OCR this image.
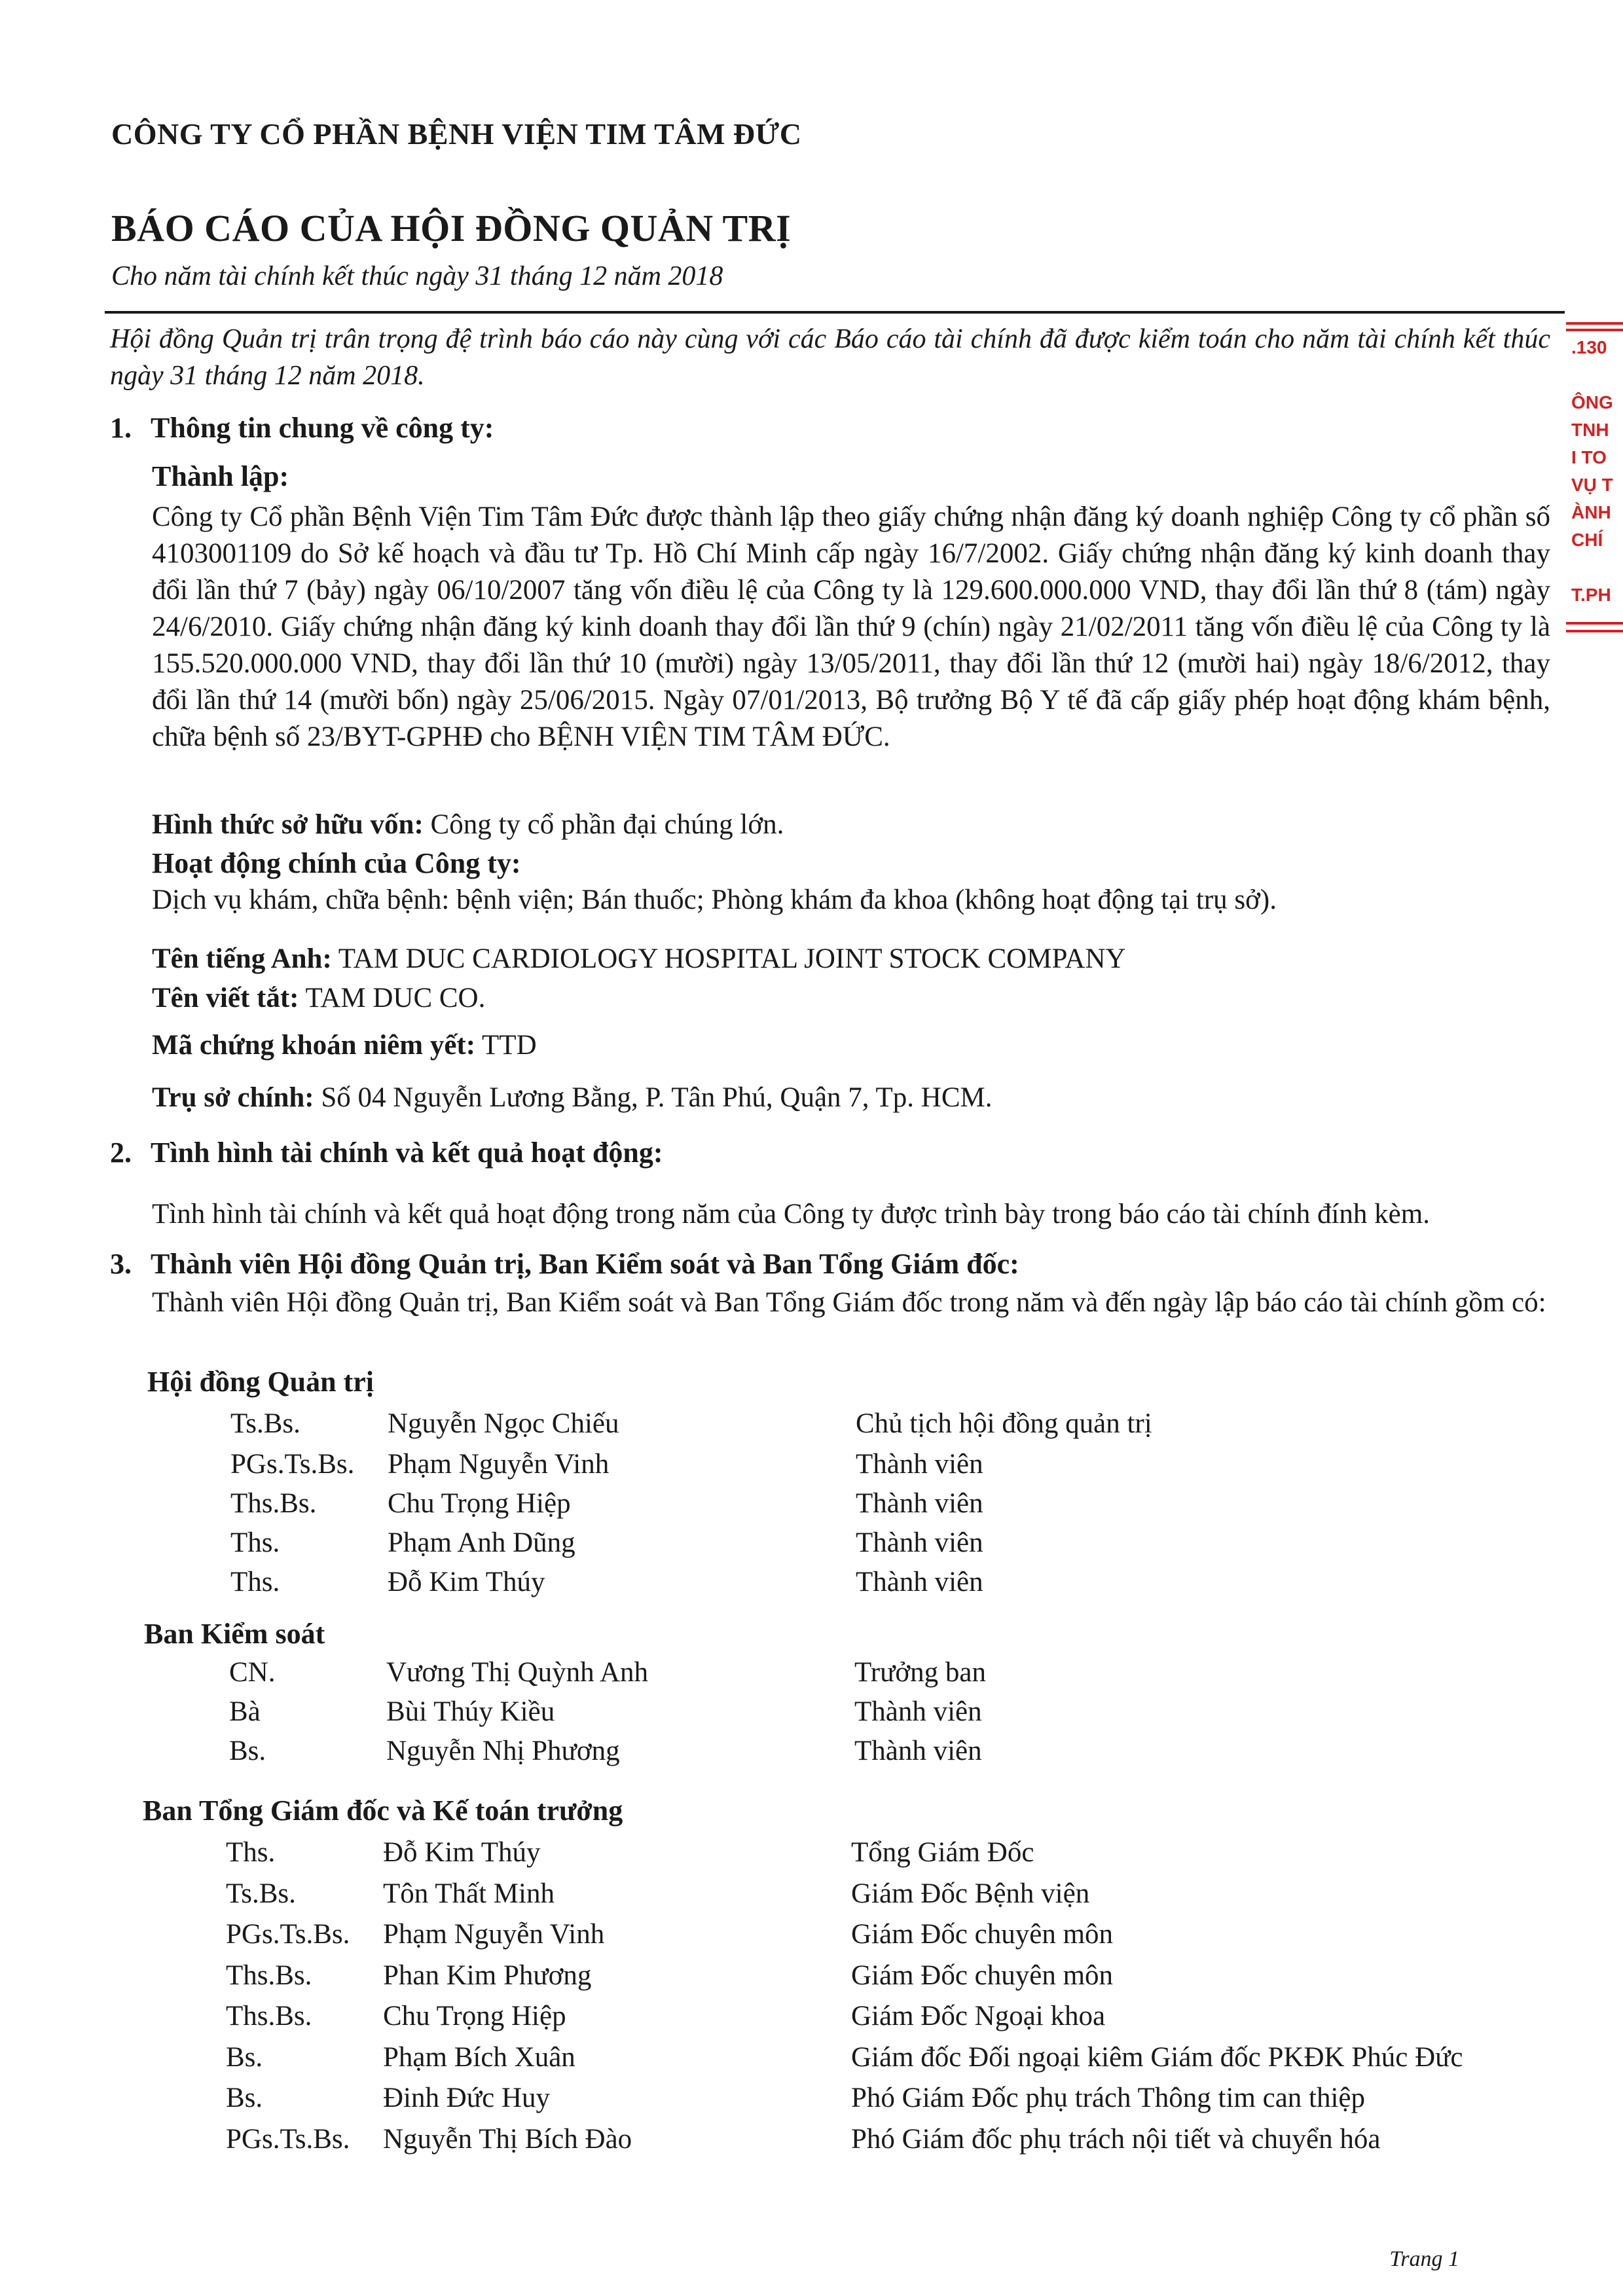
CÔNG TY CỔ PHẦN BỆNH VIỆN TIM TÂM ĐỨC
BÁO CÁO CỦA HỘI ĐỒNG QUẢN TRỊ
Cho năm tài chính kết thúc ngày 31 tháng 12 năm 2018
Hội đồng Quản trị trân trọng đệ trình báo cáo này cùng với các Báo cáo tài chính đã được kiểm toán cho năm tài chính kết thúc ngày 31 tháng 12 năm 2018.
.130

ÔNG
TNH
I TO
VỤ T
ÀNH
CHÍ

T.PH
1. Thông tin chung về công ty:
Thành lập:
Công ty Cổ phần Bệnh Viện Tim Tâm Đức được thành lập theo giấy chứng nhận đăng ký doanh nghiệp Công ty cổ phần số 4103001109 do Sở kế hoạch và đầu tư Tp. Hồ Chí Minh cấp ngày 16/7/2002. Giấy chứng nhận đăng ký kinh doanh thay đổi lần thứ 7 (bảy) ngày 06/10/2007 tăng vốn điều lệ của Công ty là 129.600.000.000 VND, thay đổi lần thứ 8 (tám) ngày 24/6/2010. Giấy chứng nhận đăng ký kinh doanh thay đổi lần thứ 9 (chín) ngày 21/02/2011 tăng vốn điều lệ của Công ty là 155.520.000.000 VND, thay đổi lần thứ 10 (mười) ngày 13/05/2011, thay đổi lần thứ 12 (mười hai) ngày 18/6/2012, thay đổi lần thứ 14 (mười bốn) ngày 25/06/2015. Ngày 07/01/2013, Bộ trưởng Bộ Y tế đã cấp giấy phép hoạt động khám bệnh, chữa bệnh số 23/BYT-GPHĐ cho BỆNH VIỆN TIM TÂM ĐỨC.
Hình thức sở hữu vốn: Công ty cổ phần đại chúng lớn.
Hoạt động chính của Công ty:
Dịch vụ khám, chữa bệnh: bệnh viện; Bán thuốc; Phòng khám đa khoa (không hoạt động tại trụ sở).
Tên tiếng Anh: TAM DUC CARDIOLOGY HOSPITAL JOINT STOCK COMPANY
Tên viết tắt: TAM DUC CO.
Mã chứng khoán niêm yết: TTD
Trụ sở chính: Số 04 Nguyễn Lương Bằng, P. Tân Phú, Quận 7, Tp. HCM.
2. Tình hình tài chính và kết quả hoạt động:
Tình hình tài chính và kết quả hoạt động trong năm của Công ty được trình bày trong báo cáo tài chính đính kèm.
3. Thành viên Hội đồng Quản trị, Ban Kiểm soát và Ban Tổng Giám đốc:
Thành viên Hội đồng Quản trị, Ban Kiểm soát và Ban Tổng Giám đốc trong năm và đến ngày lập báo cáo tài chính gồm có:
Hội đồng Quản trị
Ts.Bs.	Nguyễn Ngọc Chiếu	Chủ tịch hội đồng quản trị
PGs.Ts.Bs. Phạm Nguyễn Vinh	Thành viên
Ths.Bs.	Chu Trọng Hiệp	Thành viên
Ths.	Phạm Anh Dũng	Thành viên
Ths.	Đỗ Kim Thúy	Thành viên
Ban Kiểm soát
CN.	Vương Thị Quỳnh Anh	Trưởng ban
Bà	Bùi Thúy Kiều	Thành viên
Bs.	Nguyễn Nhị Phương	Thành viên
Ban Tổng Giám đốc và Kế toán trưởng
Ths.	Đỗ Kim Thúy	Tổng Giám Đốc
Ts.Bs.	Tôn Thất Minh	Giám Đốc Bệnh viện
PGs.Ts.Bs. Phạm Nguyễn Vinh	Giám Đốc chuyên môn
Ths.Bs.	Phan Kim Phương	Giám Đốc chuyên môn
Ths.Bs.	Chu Trọng Hiệp	Giám Đốc Ngoại khoa
Bs.	Phạm Bích Xuân	Giám đốc Đối ngoại kiêm Giám đốc PKĐK Phúc Đức
Bs.	Đinh Đức Huy	Phó Giám Đốc phụ trách Thông tim can thiệp
PGs.Ts.Bs. Nguyễn Thị Bích Đào	Phó Giám đốc phụ trách nội tiết và chuyển hóa
Trang 1
